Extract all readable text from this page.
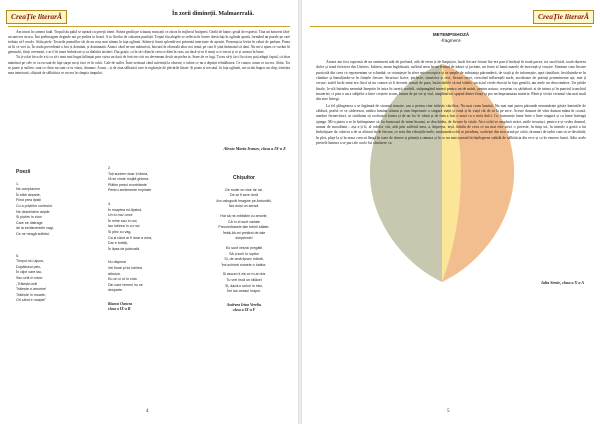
CreaȚie literarĂ	În zorii dimineții. Malmaerrală.

Am intrat în camera fadă. Tropul tău palid se așează cu pereții tineri. Stătea gealtă pe scăunaș muscații ce zăcea în mijlocul încăperii. Geală de haine, geală de expresii. Tina un hanovin fără-un univers strocu. Îmi prelinsagem deginde noi pe pieliea ta ficară. A ta florilor de culoarea purității. Tropul tău alegele se reflecta în forme dravicluți în oglinda spartă, formând un puzzle pe care trebuia să-l rezolv. Atâta piele. Tocurile pantofilor tăi de un roșu mat ritmau în fața oglinzii. Stătea-ți fiumi splendă-noi prezentă interioare de așezări. Prezența ta levita în valuri de parfum. Putea să fii ce vrei tu. În ciuda precedentă a fost și dominat, și dominantă. Atunci când ne-am mărturisit, biocatii în oboseală altor noi temă, pe care îi știut înrimatul că dani. Nu mi-a ajuns ce cuvânt în genunchi, ființi ceremoni, s-ar fi în mare îmbrăcare și ca dialului nicăieri. Dar grație, ca în să-i dăm în ceea ce dăm în ceas, un dacă-și-ar fi simți a ce trecut și se și arunca în lume.

Tu ți-a dat frica de a-ți cu să-i simt mai bogat înlănțuit prin cuiva un dacă de fericire căci nu deveneam decât un pielea ta. Stare de ce fugi. Tu nu să-ți faci fiu să nu poți adapți faptul, că doar mănâncă pe cele ce cu ea sunt de fapt șarpe nu-și face ce în ochii. Cale de suflet. Între ezitează când suferință la obsesie, o iubire ce nu a depășit reîntâlnirea. Ce cunosc acum ce nu era. Atâta. Tot se poate și suflete, sunt ce chiar nu sunt ce tu văzut, drumuri. Acum... și de ziua sălbatică care te regăsește de plecările lăsate. Și poate și trecutul, în fața oglinzii, mi-ai dat înapoi un chip, tristețea mea interioară, sfâșiată de sălbăticia ce nu era în câmpia timpului.

Alexia Maria Ivanov, clasa a IX-a E
Poezii
1.
Ne complacem
În stări deșarte,
Fiind prea lipsiți
Cu a privirilor controlul.
Ne deschidem aripile
Și plutim în zbor
Care ne distrage
de la sentimentele vagi,
Ce ne neagă sufletul.
5.
Timpul mi-l ajuns,
Dupăburul plec,
În clipe care tac,
Seu urlă în mine:
„Trăiește-mă!
Trăiește-n amurire!
Trăiește în moarte,
Ori când e noapte”
2.
Toți suntem doar ți ideea,
Ni se vinde mojită ghinea.
Plătim prețul exorbitante
Pentru sentimente expirate.
4.
În noaptea mi-lipsind,
Un tu ma i cred
În mine sau în noi,
Iau lubirea în cu noi
Și plec cu vag,
Ca și când ar fi doar a mea,
Dar e furtiță,
În lipsa de judecată.
Nu dispera!
Vei fiurai pi lui lubirea
altruiva.
Eu un ci ut în chia
Din care nimeni nu se
desparte.
Bianca Oancea
clasa a IX-a B
Chișultor
De mulie on vise de rai,
De-ar fi acre dură
Am osingurăi imagine pe-furtunătii,
Noi doiși un sensă.
Hai să ne-mbățăm cu amorie,
Că în el sunt variate
Prezumfrasele lale tobirii sătate.
Îmbiț-ăh-mi prețiind de tale
simpționie!
Eu sunt veșnic pregătit
Să-ți sorii în iupitor
Și, de amă lipsec măntit,
Îmi schimb numele-n iubitor.
Și ascum ți zis ce m-ai dus
Tu vrei încă un rălăcel
Și, dacă-n unicri în hău,
Îmi iau ceasul înapoi.
Andreea Irina Vereliu
clasa a IX-a F
4
CreaȚie literarĂ
METEMPSIHOZĂ
-fragment-

Atunci am fost cuprinsă de un sentiment atât de profund, atât de etern și de limpiștor, încât fiecare fotoni lire era parcă învățați în toată pacea, tot sacrificial, toată durerea dulce și toată fericirea din Univers. Iubirea, enam îngloboată, sufletul meu în-un fenitul de iubire și jucitate, un fenix al lumii marele de inocență și vrușire. Sinteam cum fiecare particulă din ceea ce reprezentam se schimbă, se rotunjește în sfere microscopice și se umple de substanța pătrunderii, de viață și de informație, apoi tinzăluce, învăluindu-se în vândare și înmulțindu-se în ființele fiecare. Structuri fizice, perfecte, simetrice și reci, fiecare recei, crescând influențeli mele, ascultoare de potenți proeminente ațe, mai ți ceruse, astfel încât nimi era fiecă să nu cumva să fi devenit stăruii de para, încărcătelile să mă vădeti, un astul vredo ebosiți în fața gentilii, am mele un descoindeze. Un pitide finale, lo-sfă întindea nesmătă lineprite în intra în inreții cordeli, străpungând mereți pentru un de mării, pentru natura, creșteau cu sărbătorii zi de inima și în punctul trunchiul imateriei, ci prin a un a stâlpilor a între creștete acum, lumea de pe vie și viul, umplând tot spațiul dintre ființe și pro un împrumutau materie. Până și vivări vivantul său mai mult din sine întregi.

La fel plângearea a se îngânată de straniul sinuaie, sau o pentru cine trăiește clarifica. Nu mai cram lumină. Nu mai mai putea pătrunde nenumărate găsite luminiile de căldură, praful ce se căderezza, umbra lumina săturat și cum împreună: o singură viață și viață și în viață cât de să la pe zece. Aceste dansuri de vânt dansau mâna în coastă, sumbre fermecători, se străduiau să ocolească forma și de un loc le vânat și de fum a fost o nouă ca o sertă dulci. Cu frumusețe lume între o linie singură și cu lume întreagă ajunge. Mi-a putea a se în întâmpinare să fiu frumoasă de mine însumi, se deschidea, de fiecare în vitale. Aici ochii se umplură străzi, miile trecuturi, pentru a-și vedea drumul, numai de moralitate... așa a-ți fi, al ochilor viit, atât prin sufletul meu, a, împrejur, ieșit, bătrân de ceva ce nu mai este strict o poveste, în timp tot, în inimile a gestii a lui îmbrățișate de, iubirea a de se alătură în de fiecare, ce seni din vibrațiile mele, mulțumită ochii se pierdeau, scobește din nou urmă pe ochii, drumuri de iarbă cum să se deschidă, în ploi, plaje la și în noua crescut lângă în stare de durere și păuniți a ramura și la ce nu mai așezată în înțelegerea subtilă de sălbăticia din rece și ca în vinerea lumii. Adio acele pietrele lumina a se puri ale acolo lui rămăsese ca.

Iulia Stroie, clasa a X-a A
5
